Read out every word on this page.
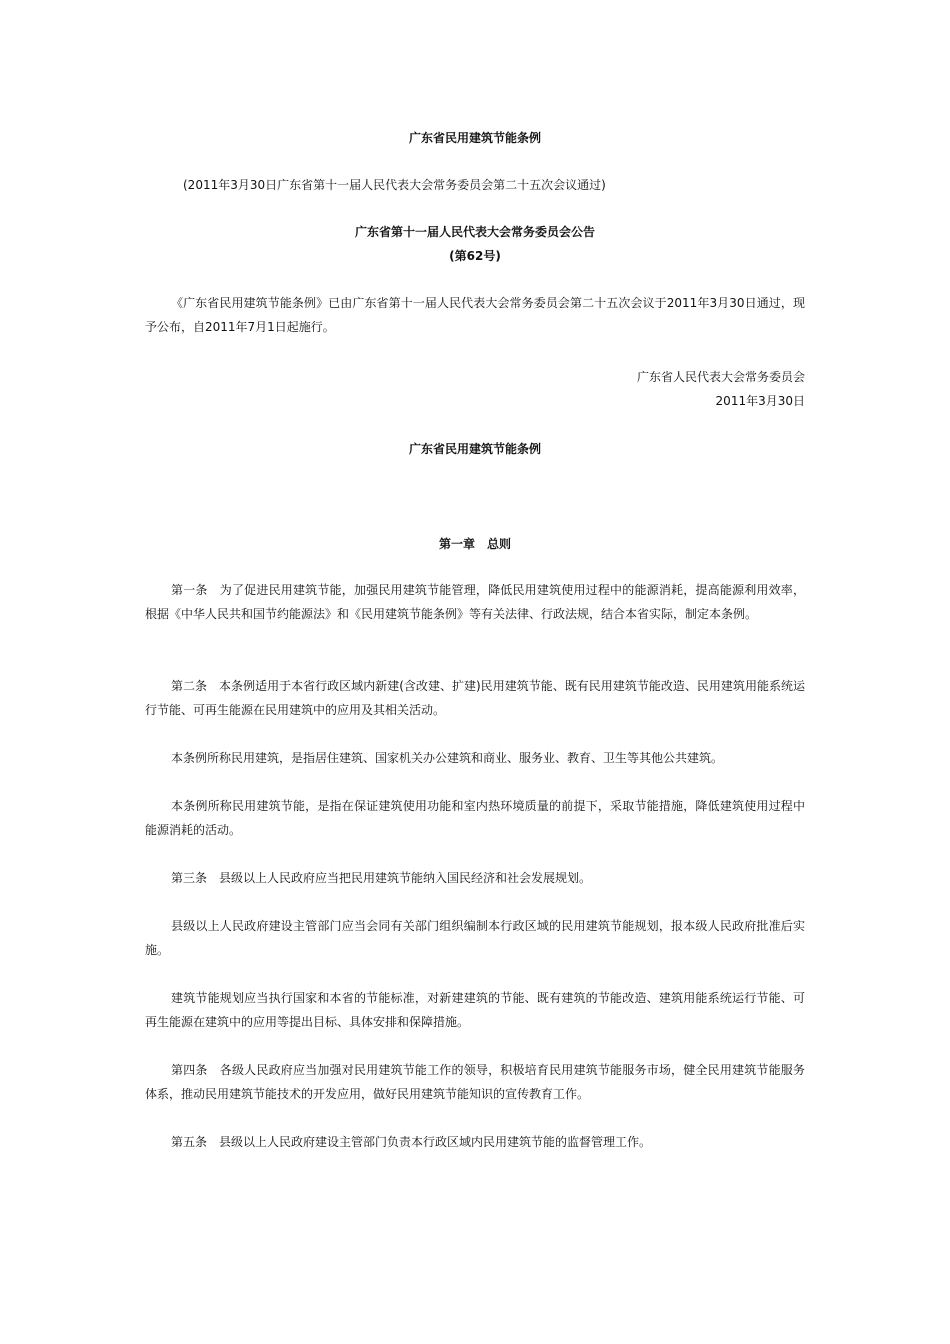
广东省民用建筑节能条例
(2011年3月30日广东省第十一届人民代表大会常务委员会第二十五次会议通过)
广东省第十一届人民代表大会常务委员会公告
(第62号)
《广东省民用建筑节能条例》已由广东省第十一届人民代表大会常务委员会第二十五次会议于2011年3月30日通过，现予公布，自2011年7月1日起施行。
广东省人民代表大会常务委员会
2011年3月30日
广东省民用建筑节能条例
第一章　总则
第一条　为了促进民用建筑节能，加强民用建筑节能管理，降低民用建筑使用过程中的能源消耗，提高能源利用效率，根据《中华人民共和国节约能源法》和《民用建筑节能条例》等有关法律、行政法规，结合本省实际，制定本条例。
第二条　本条例适用于本省行政区域内新建(含改建、扩建)民用建筑节能、既有民用建筑节能改造、民用建筑用能系统运行节能、可再生能源在民用建筑中的应用及其相关活动。
本条例所称民用建筑，是指居住建筑、国家机关办公建筑和商业、服务业、教育、卫生等其他公共建筑。
本条例所称民用建筑节能，是指在保证建筑使用功能和室内热环境质量的前提下，采取节能措施，降低建筑使用过程中能源消耗的活动。
第三条　县级以上人民政府应当把民用建筑节能纳入国民经济和社会发展规划。
县级以上人民政府建设主管部门应当会同有关部门组织编制本行政区域的民用建筑节能规划，报本级人民政府批准后实施。
建筑节能规划应当执行国家和本省的节能标准，对新建建筑的节能、既有建筑的节能改造、建筑用能系统运行节能、可再生能源在建筑中的应用等提出目标、具体安排和保障措施。
第四条　各级人民政府应当加强对民用建筑节能工作的领导，积极培育民用建筑节能服务市场，健全民用建筑节能服务体系，推动民用建筑节能技术的开发应用，做好民用建筑节能知识的宣传教育工作。
第五条　县级以上人民政府建设主管部门负责本行政区域内民用建筑节能的监督管理工作。
